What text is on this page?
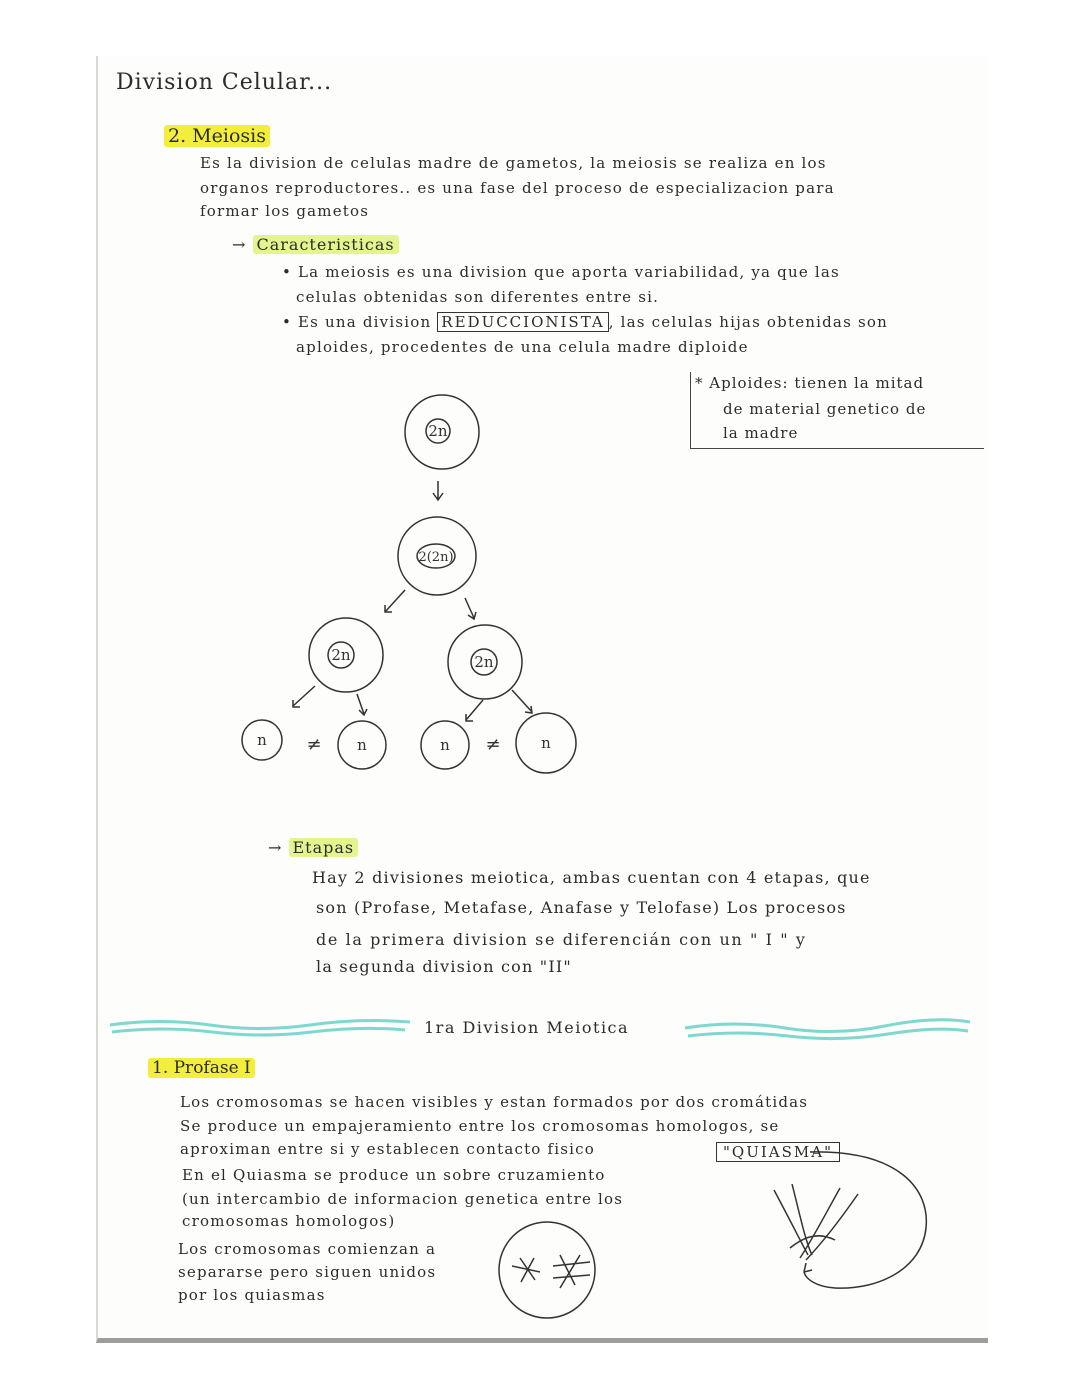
Division Celular...
2. Meiosis
Es la division de celulas madre de gametos, la meiosis se realiza en los
organos reproductores.. es una fase del proceso de especializacion para
formar los gametos
→ Caracteristicas
• La meiosis es una division que aporta variabilidad, ya que las
celulas obtenidas son diferentes entre si.
• Es una division REDUCCIONISTA , las celulas hijas obtenidas son
aploides, procedentes de una celula madre diploide
* Aploides: tienen la mitad
de material genetico de
la madre
2n
2(2n)
2n	2n
n	n	n	n
≠	≠
→ Etapas
Hay 2 divisiones meiotica, ambas cuentan con 4 etapas, que
son (Profase, Metafase, Anafase y Telofase) Los procesos
de la primera division se diferencián con un " I " y
la segunda division con "II"
1ra Division Meiotica
1. Profase I
Los cromosomas se hacen visibles y estan formados por dos cromátidas
Se produce un empajeramiento entre los cromosomas homologos, se
aproximan entre si y establecen contacto fisico	"QUIASMA"
En el Quiasma se produce un sobre cruzamiento
(un intercambio de informacion genetica entre los
cromosomas homologos)
Los cromosomas comienzan a
separarse pero siguen unidos
por los quiasmas
